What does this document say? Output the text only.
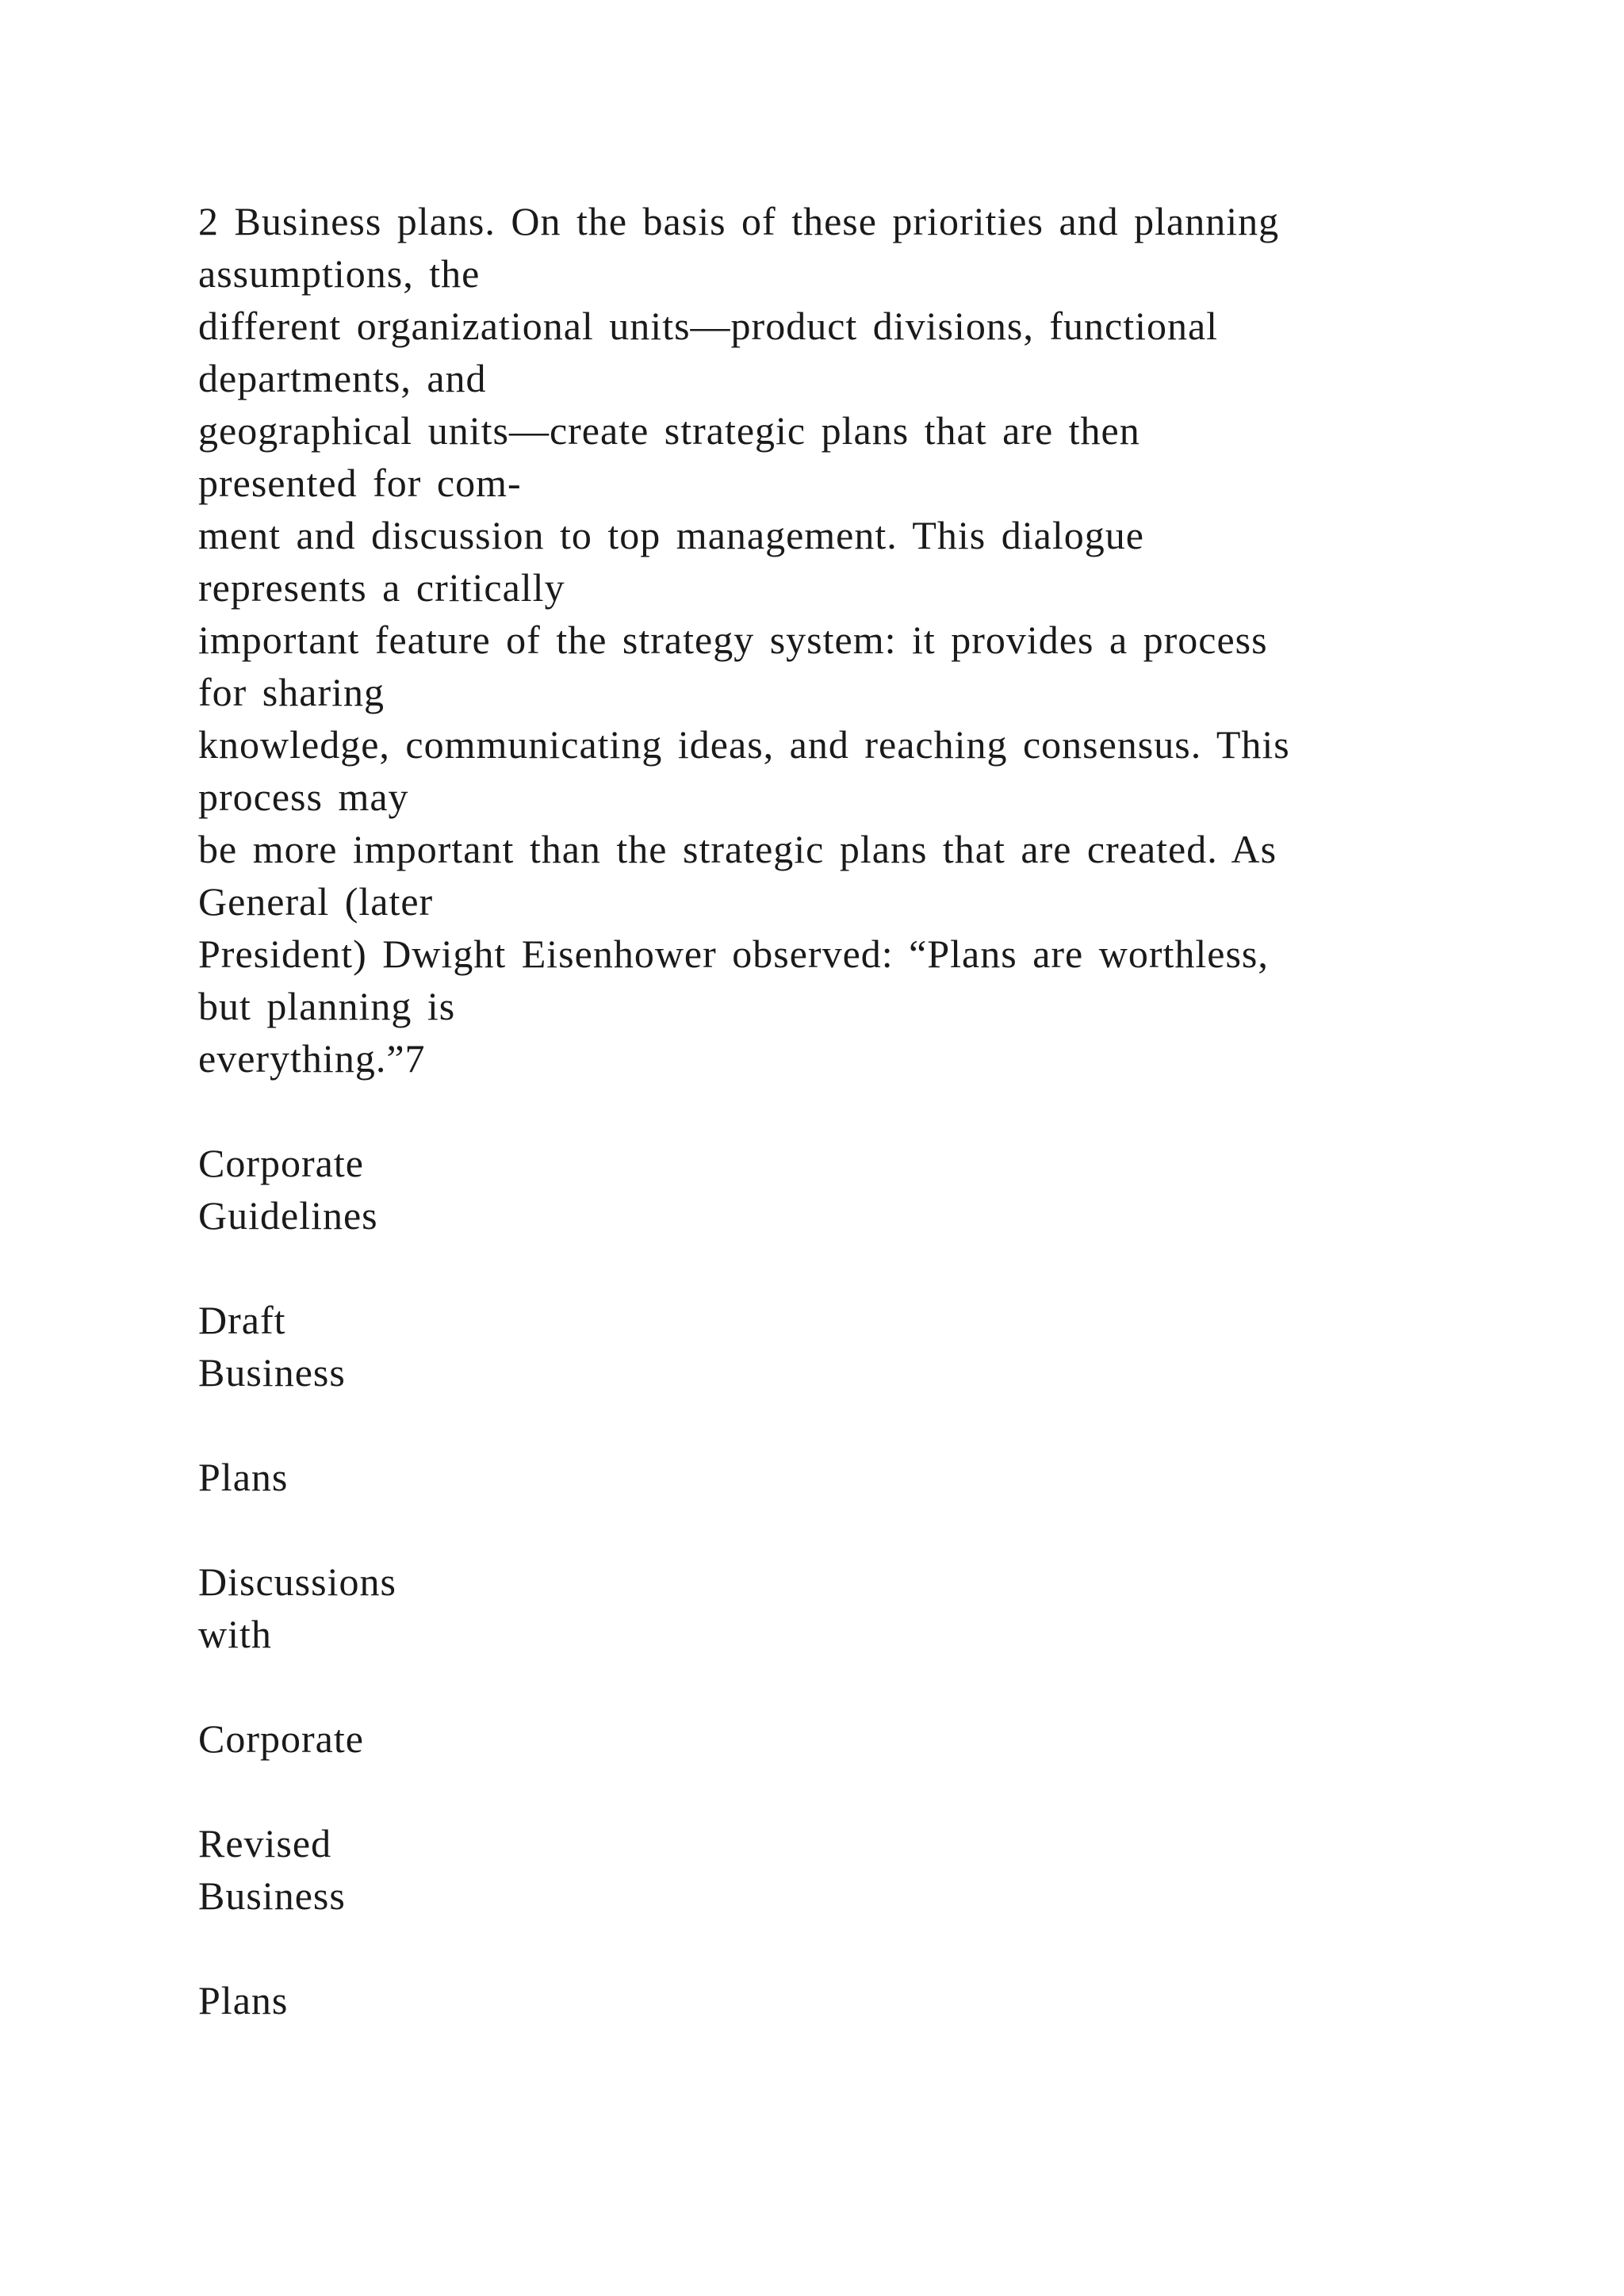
2 Business plans. On the basis of these priorities and planning
assumptions, the
different organizational units—product divisions, functional
departments, and
geographical units—create strategic plans that are then
presented for com-
ment and discussion to top management. This dialogue
represents a critically
important feature of the strategy system: it provides a process
for sharing
knowledge, communicating ideas, and reaching consensus. This
process may
be more important than the strategic plans that are created. As
General (later
President) Dwight Eisenhower observed: “Plans are worthless,
but planning is
everything.”7
Corporate
Guidelines
Draft
Business
Plans
Discussions
with
Corporate
Revised
Business
Plans
